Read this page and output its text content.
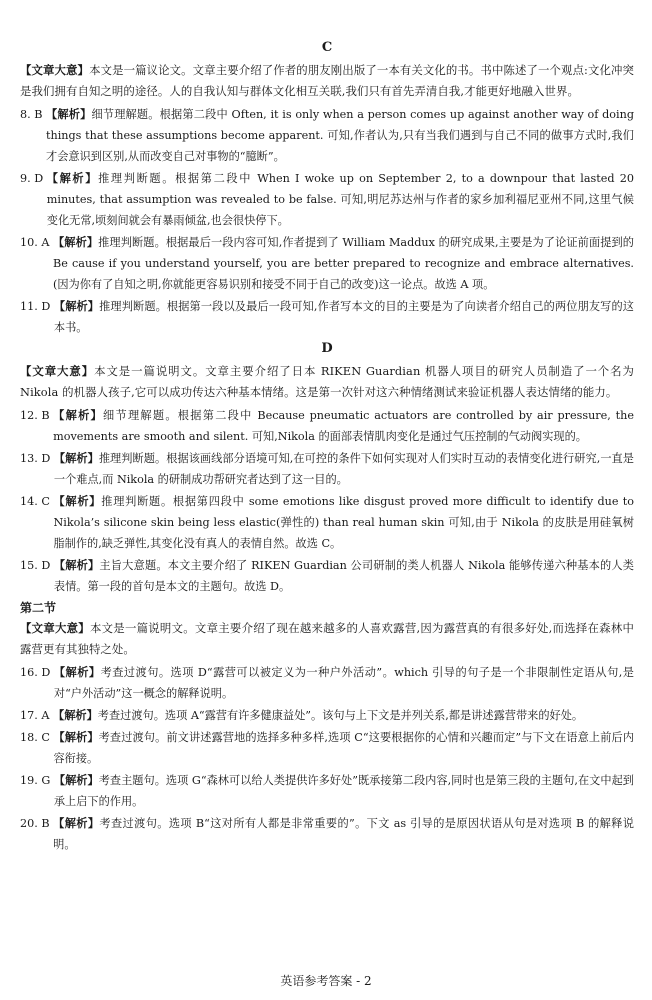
C

【文章大意】本文是一篇议论文。文章主要介绍了作者的朋友刚出版了一本有关文化的书。书中陈述了一个观点:文化冲突是我们拥有自知之明的途径。人的自我认知与群体文化相互关联,我们只有首先弄清自我,才能更好地融入世界。

8. B
【解析】细节理解题。根据第二段中 Often, it is only when a person comes up against another way of doing things that these assumptions become apparent. 可知,作者认为,只有当我们遇到与自己不同的做事方式时,我们才会意识到区别,从而改变自己对事物的“臆断”。
9. D
【解析】推理判断题。根据第二段中 When I woke up on September 2, to a downpour that lasted 20 minutes, that assumption was revealed to be false. 可知,明尼苏达州与作者的家乡加利福尼亚州不同,这里气候变化无常,顷刻间就会有暴雨倾盆,也会很快停下。
10. A
【解析】推理判断题。根据最后一段内容可知,作者提到了 William Maddux 的研究成果,主要是为了论证前面提到的 Be cause if you understand yourself, you are better prepared to recognize and embrace alternatives. (因为你有了自知之明,你就能更容易识别和接受不同于自己的改变)这一论点。故选 A 项。
11. D
【解析】推理判断题。根据第一段以及最后一段可知,作者写本文的目的主要是为了向读者介绍自己的两位朋友写的这本书。
D

【文章大意】本文是一篇说明文。文章主要介绍了日本 RIKEN Guardian 机器人项目的研究人员制造了一个名为 Nikola 的机器人孩子,它可以成功传达六种基本情绪。这是第一次针对这六种情绪测试来验证机器人表达情绪的能力。

12. B
【解析】细节理解题。根据第二段中 Because pneumatic actuators are controlled by air pressure, the movements are smooth and silent. 可知,Nikola 的面部表情肌肉变化是通过气压控制的气动阀实现的。
13. D
【解析】推理判断题。根据该画线部分语境可知,在可控的条件下如何实现对人们实时互动的表情变化进行研究,一直是一个难点,而 Nikola 的研制成功帮研究者达到了这一目的。
14. C
【解析】推理判断题。根据第四段中 some emotions like disgust proved more difficult to identify due to Nikola’s silicone skin being less elastic(弹性的) than real human skin 可知,由于 Nikola 的皮肤是用硅氧树脂制作的,缺乏弹性,其变化没有真人的表情自然。故选 C。
15. D
【解析】主旨大意题。本文主要介绍了 RIKEN Guardian 公司研制的类人机器人 Nikola 能够传递六种基本的人类表情。第一段的首句是本文的主题句。故选 D。
第二节

【文章大意】本文是一篇说明文。文章主要介绍了现在越来越多的人喜欢露营,因为露营真的有很多好处,而选择在森林中露营更有其独特之处。

16. D
【解析】考查过渡句。选项 D“露营可以被定义为一种户外活动”。which 引导的句子是一个非限制性定语从句,是对“户外活动”这一概念的解释说明。
17. A
【解析】考查过渡句。选项 A“露营有许多健康益处”。该句与上下文是并列关系,都是讲述露营带来的好处。
18. C
【解析】考查过渡句。前文讲述露营地的选择多种多样,选项 C“这要根据你的心情和兴趣而定”与下文在语意上前后内容衔接。
19. G
【解析】考查主题句。选项 G“森林可以给人类提供许多好处”既承接第二段内容,同时也是第三段的主题句,在文中起到承上启下的作用。
20. B
【解析】考查过渡句。选项 B“这对所有人都是非常重要的”。下文 as 引导的是原因状语从句是对选项 B 的解释说明。
英语参考答案 - 2
